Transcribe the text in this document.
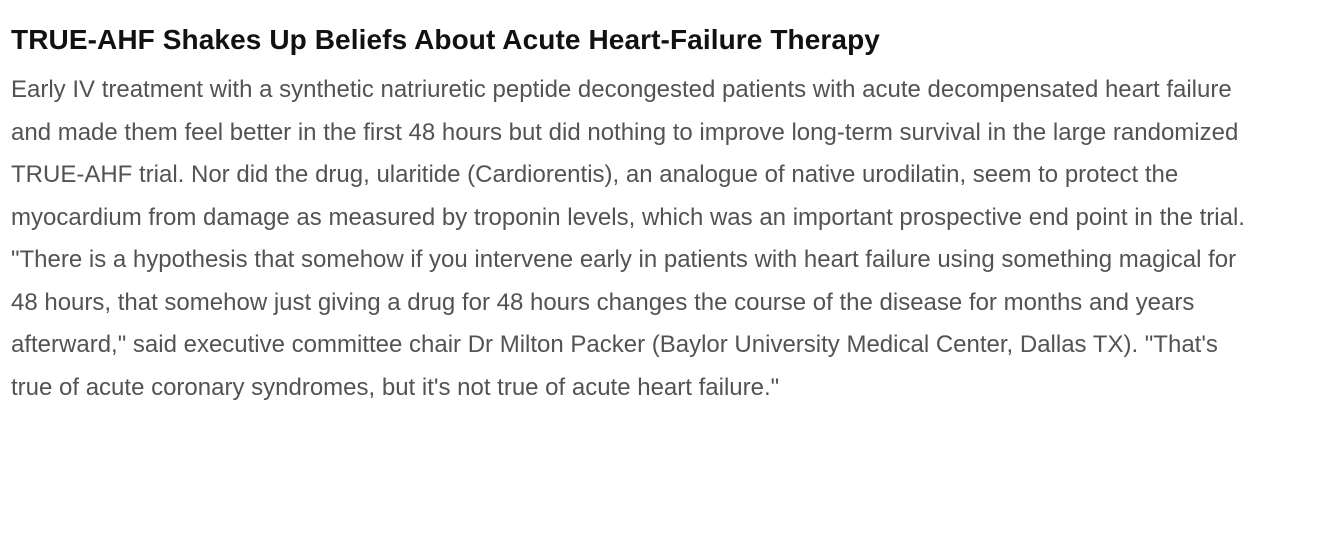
TRUE-AHF Shakes Up Beliefs About Acute Heart-Failure Therapy

Early IV treatment with a synthetic natriuretic peptide decongested patients with acute decompensated heart failure and made them feel better in the first 48 hours but did nothing to improve long-term survival in the large randomized TRUE-AHF trial. Nor did the drug, ularitide (Cardiorentis), an analogue of native urodilatin, seem to protect the myocardium from damage as measured by troponin levels, which was an important prospective end point in the trial. "There is a hypothesis that somehow if you intervene early in patients with heart failure using something magical for 48 hours, that somehow just giving a drug for 48 hours changes the course of the disease for months and years afterward," said executive committee chair Dr Milton Packer (Baylor University Medical Center, Dallas TX). "That's true of acute coronary syndromes, but it's not true of acute heart failure."
